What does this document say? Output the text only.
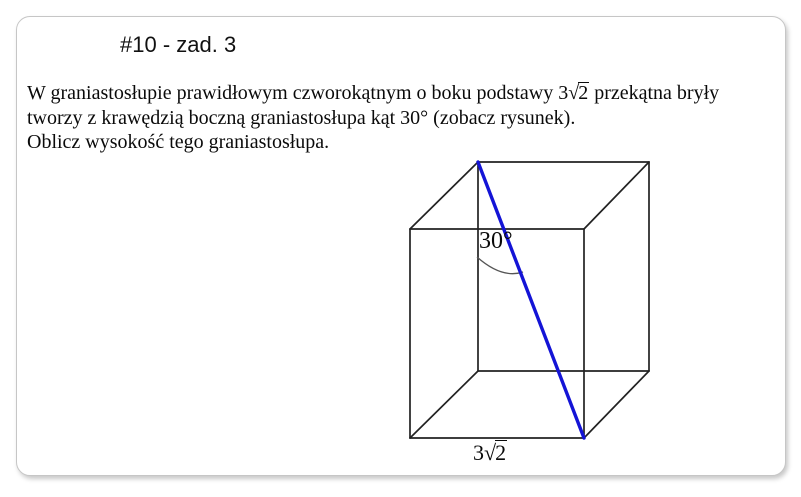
#10 - zad. 3
W graniastosłupie prawidłowym czworokątnym o boku podstawy 3√2 przekątna bryły
tworzy z krawędzią boczną graniastosłupa kąt 30° (zobacz rysunek).
Oblicz wysokość tego graniastosłupa.
30°
3√2
